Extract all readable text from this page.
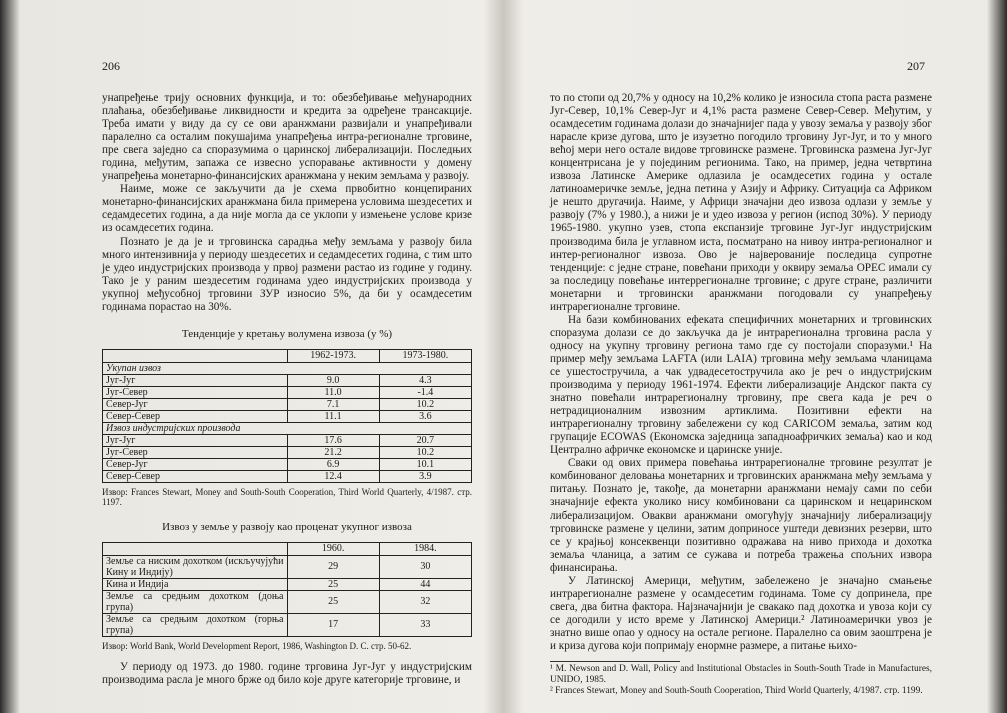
206

унапређење трију основних функција, и то: обезбеђивање међународних плаћања, обезбеђивање ликвидности и кредита за одређене трансакције. Треба имати у виду да су се ови аранжмани развијали и унапређивали паралелно са осталим покушајима унапређења интра-регионалне трговине, пре свега заједно са споразумима о царинској либерализацији. Последњих година, међутим, запажа се извесно успоравање активности у домену унапређења монетарно-финансијских аранжмана у неким земљама у развоју.

Наиме, може се закључити да је схема првобитно концепираних монетарно-финансијских аранжмана била примерена условима шездесетих и седамдесетих година, а да није могла да се уклопи у измењене услове кризе из осамдесетих година.

Познато је да је и трговинска сарадња међу земљама у развоју била много интензивнија у периоду шездесетих и седамдесетих година, с тим што је удео индустријских производа у првој размени растао из године у годину. Тако је у раним шездесетим годинама удео индустријских производа у укупној међусобној трговини ЗУР износио 5%, да би у осамдесетим годинама порастао на 30%.

Тенденције у кретању волумена извоза (у %)
	1962-1973.	1973-1980.
Укупан извоз		
Југ-Југ	9.0	4.3
Југ-Север	11.0	-1.4
Север-Југ	7.1	10.2
Север-Север	11.1	3.6
Извоз индустријских производа		
Југ-Југ	17.6	20.7
Југ-Север	21.2	10.2
Север-Југ	6.9	10.1
Север-Север	12.4	3.9
Извор: Frances Stewart, Money and South-South Cooperation, Third World Quarterly, 4/1987. стр. 1197.
Извоз у земље у развоју као проценат укупног извоза
	1960.	1984.
Земље са ниским дохотком (искључујући Кину и Индију)	29	30
Кина и Индија	25	44
Земље са средњим дохотком (доња група)	25	32
Земље са средњим дохотком (горња група)	17	33
Извор: World Bank, World Development Report, 1986, Washington D. C. стр. 50-62.

У периоду од 1973. до 1980. године трговина Југ-Југ у индустријским производима расла је много брже од било које друге категорије трговине, и

207

то по стопи од 20,7% у односу на 10,2% колико је износила стопа раста размене Југ-Север, 10,1% Север-Југ и 4,1% раста размене Север-Север. Међутим, у осамдесетим годинама долази до значајнијег пада у увозу земаља у развоју због нарасле кризе дугова, што је изузетно погодило трговину Југ-Југ, и то у много већој мери него остале видове трговинске размене. Трговинска размена Југ-Југ концентрисана је у појединим регионима. Тако, на пример, једна четвртина извоза Латинске Америке одлазила је осамдесетих година у остале латиноамеричке земље, једна петина у Азију и Африку. Ситуација са Африком је нешто другачија. Наиме, у Африци значајни део извоза одлази у земље у развоју (7% у 1980.), а нижи је и удео извоза у регион (испод 30%). У периоду 1965-1980. укупно узев, стопа експанзије трговине Југ-Југ индустријским производима била је углавном иста, посматрано на нивоу интра-регионалног и интер-регионалног извоза. Ово је најверованије последица супротне тенденције: с једне стране, повећани приходи у оквиру земаља OPEC имали су за последицу повећање интеррегионалне трговине; с друге стране, различити монетарни и трговински аранжмани погодовали су унапређењу интрарегионалне трговине.

На бази комбинованих ефеката специфичних монетарних и трговинских споразума долази се до закључка да је интрарегионална трговина расла у односу на укупну трговину региона тамо где су постојали споразуми.¹ На пример међу земљама LAFTA (или LAIA) трговина међу земљама чланицама се ушестостручила, а чак удвадесетостручила ако је реч о индустријским производима у периоду 1961-1974. Ефекти либерализације Андског пакта су знатно повећали интрарегионалну трговину, пре свега када је реч о нетрадиционалним извозним артиклима. Позитивни ефекти на интрарегионалну трговину забележени су код CARICOM земаља, затим код групације ECOWAS (Економска заједница западноафричких земаља) као и код Централно афричке економске и царинске уније.

Сваки од ових примера повећања интрарегионалне трговине резултат је комбинованог деловања монетарних и трговинских аранжмана међу земљама у питању. Познато је, такође, да монетарни аранжмани немају сами по себи значајније ефекта уколико нису комбиновани са царинском и нецаринском либерализацијом. Овакви аранжмани омогућују значајнију либерализацију трговинске размене у целини, затим доприносе уштеди девизних резерви, што се у крајњој консеквенци позитивно одражава на ниво прихода и дохотка земаља чланица, а затим се сужава и потреба тражења спољних извора финансирања.

У Латинској Америци, међутим, забележено је значајно смањење интрарегионалне размене у осамдесетим годинама. Томе су допринела, пре свега, два битна фактора. Најзначајнији је свакако пад дохотка и увоза који су се догодили у исто време у Латинској Америци.² Латиноамерички увоз је знатно више опао у односу на остале регионе. Паралелно са овим заоштрена је и криза дугова који попримају енормне размере, а питање њихо-

¹ M. Newson and D. Wall, Policy and Institutional Obstacles in South-South Trade in Manufactures, UNIDO, 1985.
² Frances Stewart, Money and South-South Cooperation, Third World Quarterly, 4/1987. стр. 1199.
